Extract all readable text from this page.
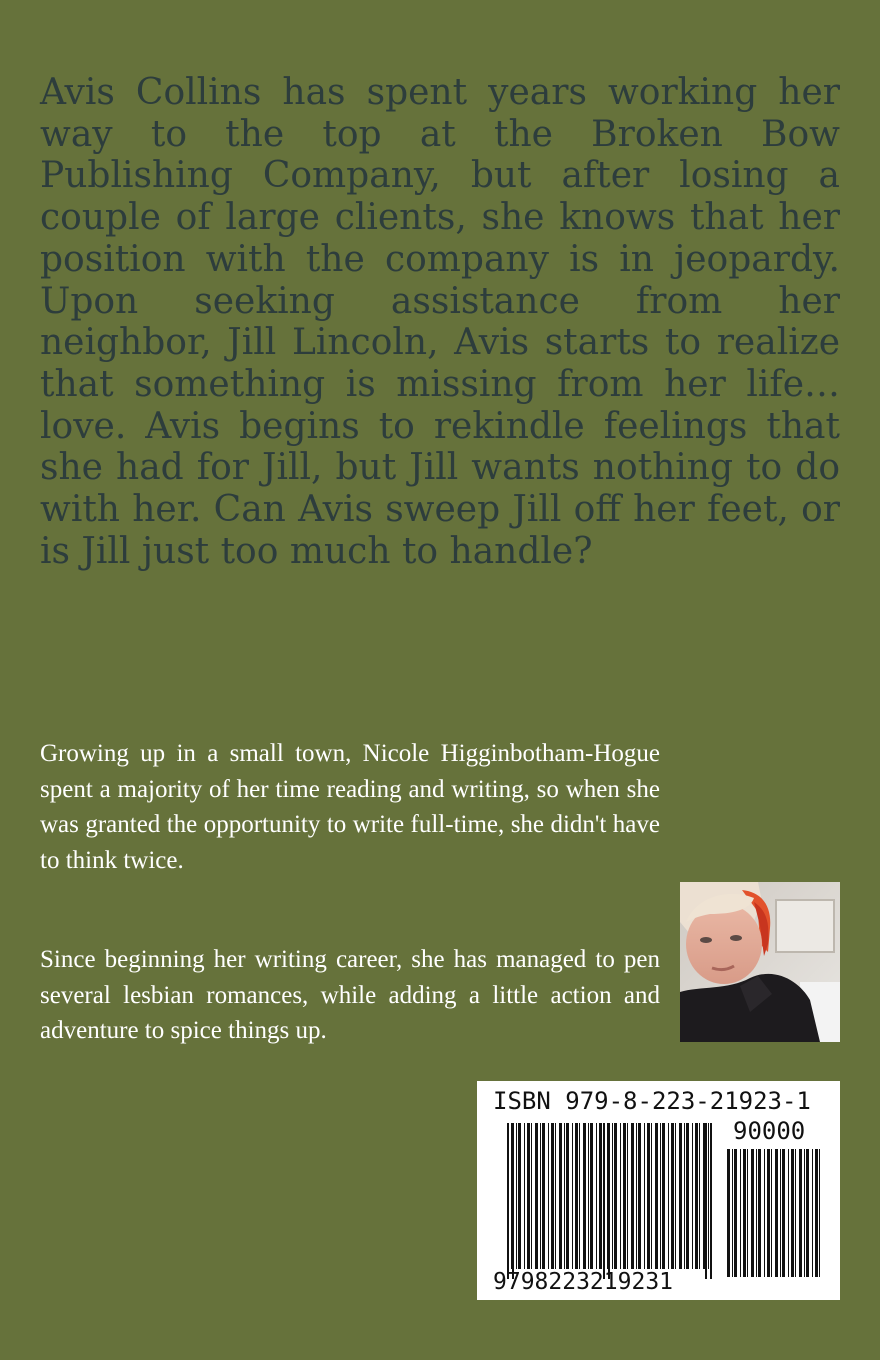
Avis Collins has spent years working her way to the top at the Broken Bow Publishing Company, but after losing a couple of large clients, she knows that her position with the company is in jeopardy. Upon seeking assistance from her neighbor, Jill Lincoln, Avis starts to realize that something is missing from her life… love. Avis begins to rekindle feelings that she had for Jill, but Jill wants nothing to do with her. Can Avis sweep Jill off her feet, or is Jill just too much to handle?

Growing up in a small town, Nicole Higginbotham-Hogue spent a majority of her time reading and writing, so when she was granted the opportunity to write full-time, she didn't have to think twice.

Since beginning her writing career, she has managed to pen several lesbian romances, while adding a little action and adventure to spice things up.

ISBN 979-8-223-21923-1
90000
9798223219231
